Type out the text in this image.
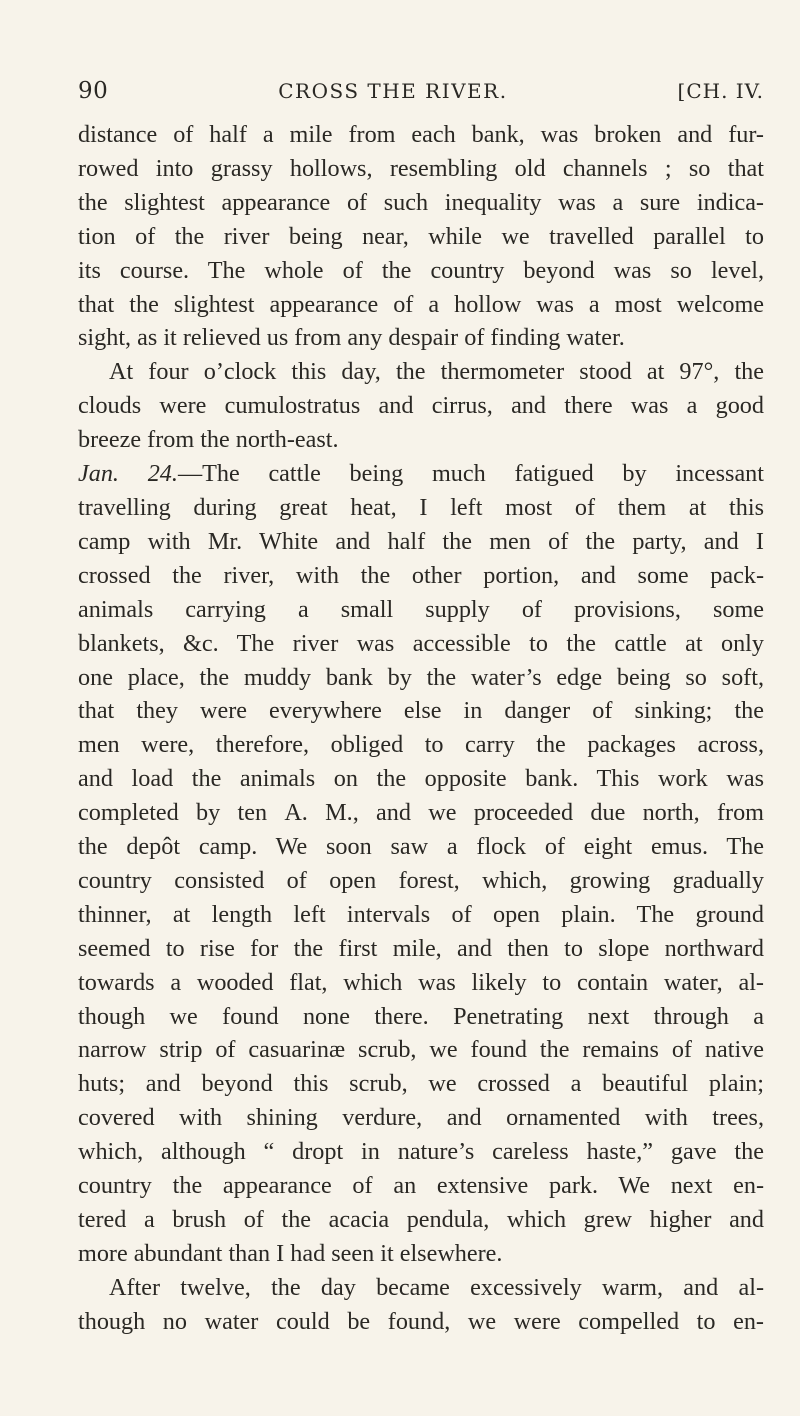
90	CROSS THE RIVER.	[CH. IV.
distance of half a mile from each bank, was broken and fur-
rowed into grassy hollows, resembling old channels ; so that
the slightest appearance of such inequality was a sure indica-
tion of the river being near, while we travelled parallel to
its course. The whole of the country beyond was so level,
that the slightest appearance of a hollow was a most welcome
sight, as it relieved us from any despair of finding water.
At four o’clock this day, the thermometer stood at 97°, the
clouds were cumulostratus and cirrus, and there was a good
breeze from the north-east.
Jan. 24.—The cattle being much fatigued by incessant
travelling during great heat, I left most of them at this
camp with Mr. White and half the men of the party, and I
crossed the river, with the other portion, and some pack-
animals carrying a small supply of provisions, some
blankets, &c. The river was accessible to the cattle at only
one place, the muddy bank by the water’s edge being so soft,
that they were everywhere else in danger of sinking; the
men were, therefore, obliged to carry the packages across,
and load the animals on the opposite bank. This work was
completed by ten A. M., and we proceeded due north, from
the depôt camp. We soon saw a flock of eight emus. The
country consisted of open forest, which, growing gradually
thinner, at length left intervals of open plain. The ground
seemed to rise for the first mile, and then to slope northward
towards a wooded flat, which was likely to contain water, al-
though we found none there. Penetrating next through a
narrow strip of casuarinæ scrub, we found the remains of native
huts; and beyond this scrub, we crossed a beautiful plain;
covered with shining verdure, and ornamented with trees,
which, although “ dropt in nature’s careless haste,” gave the
country the appearance of an extensive park. We next en-
tered a brush of the acacia pendula, which grew higher and
more abundant than I had seen it elsewhere.
After twelve, the day became excessively warm, and al-
though no water could be found, we were compelled to en-
